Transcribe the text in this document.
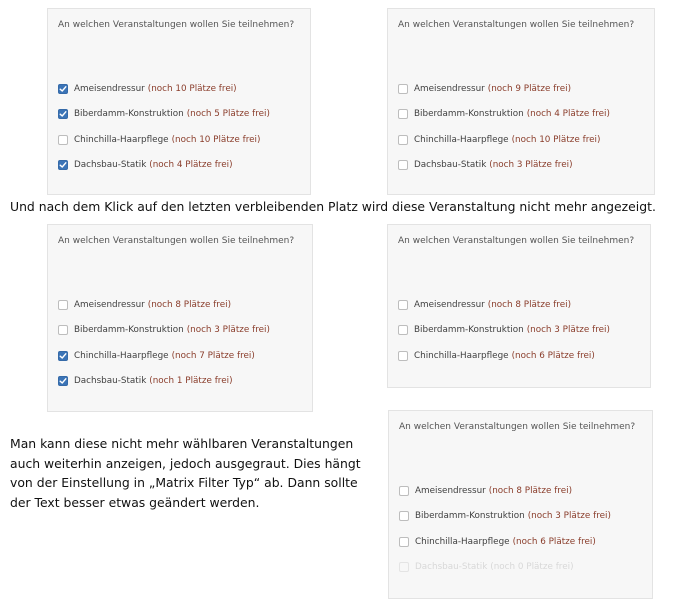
An welchen Veranstaltungen wollen Sie teilnehmen?
Ameisendressur (noch 10 Plätze frei)
Biberdamm-Konstruktion (noch 5 Plätze frei)
Chinchilla-Haarpflege (noch 10 Plätze frei)
Dachsbau-Statik (noch 4 Plätze frei)
An welchen Veranstaltungen wollen Sie teilnehmen?
Ameisendressur (noch 9 Plätze frei)
Biberdamm-Konstruktion (noch 4 Plätze frei)
Chinchilla-Haarpflege (noch 10 Plätze frei)
Dachsbau-Statik (noch 3 Plätze frei)
Und nach dem Klick auf den letzten verbleibenden Platz wird diese Veranstaltung nicht mehr angezeigt.
An welchen Veranstaltungen wollen Sie teilnehmen?
Ameisendressur (noch 8 Plätze frei)
Biberdamm-Konstruktion (noch 3 Plätze frei)
Chinchilla-Haarpflege (noch 7 Plätze frei)
Dachsbau-Statik (noch 1 Plätze frei)
An welchen Veranstaltungen wollen Sie teilnehmen?
Ameisendressur (noch 8 Plätze frei)
Biberdamm-Konstruktion (noch 3 Plätze frei)
Chinchilla-Haarpflege (noch 6 Plätze frei)
Man kann diese nicht mehr wählbaren Veranstaltungen auch weiterhin anzeigen, jedoch ausgegraut. Dies hängt von der Einstellung in „Matrix Filter Typ“ ab. Dann sollte der Text besser etwas geändert werden.
An welchen Veranstaltungen wollen Sie teilnehmen?
Ameisendressur (noch 8 Plätze frei)
Biberdamm-Konstruktion (noch 3 Plätze frei)
Chinchilla-Haarpflege (noch 6 Plätze frei)
Dachsbau-Statik (noch 0 Plätze frei)
